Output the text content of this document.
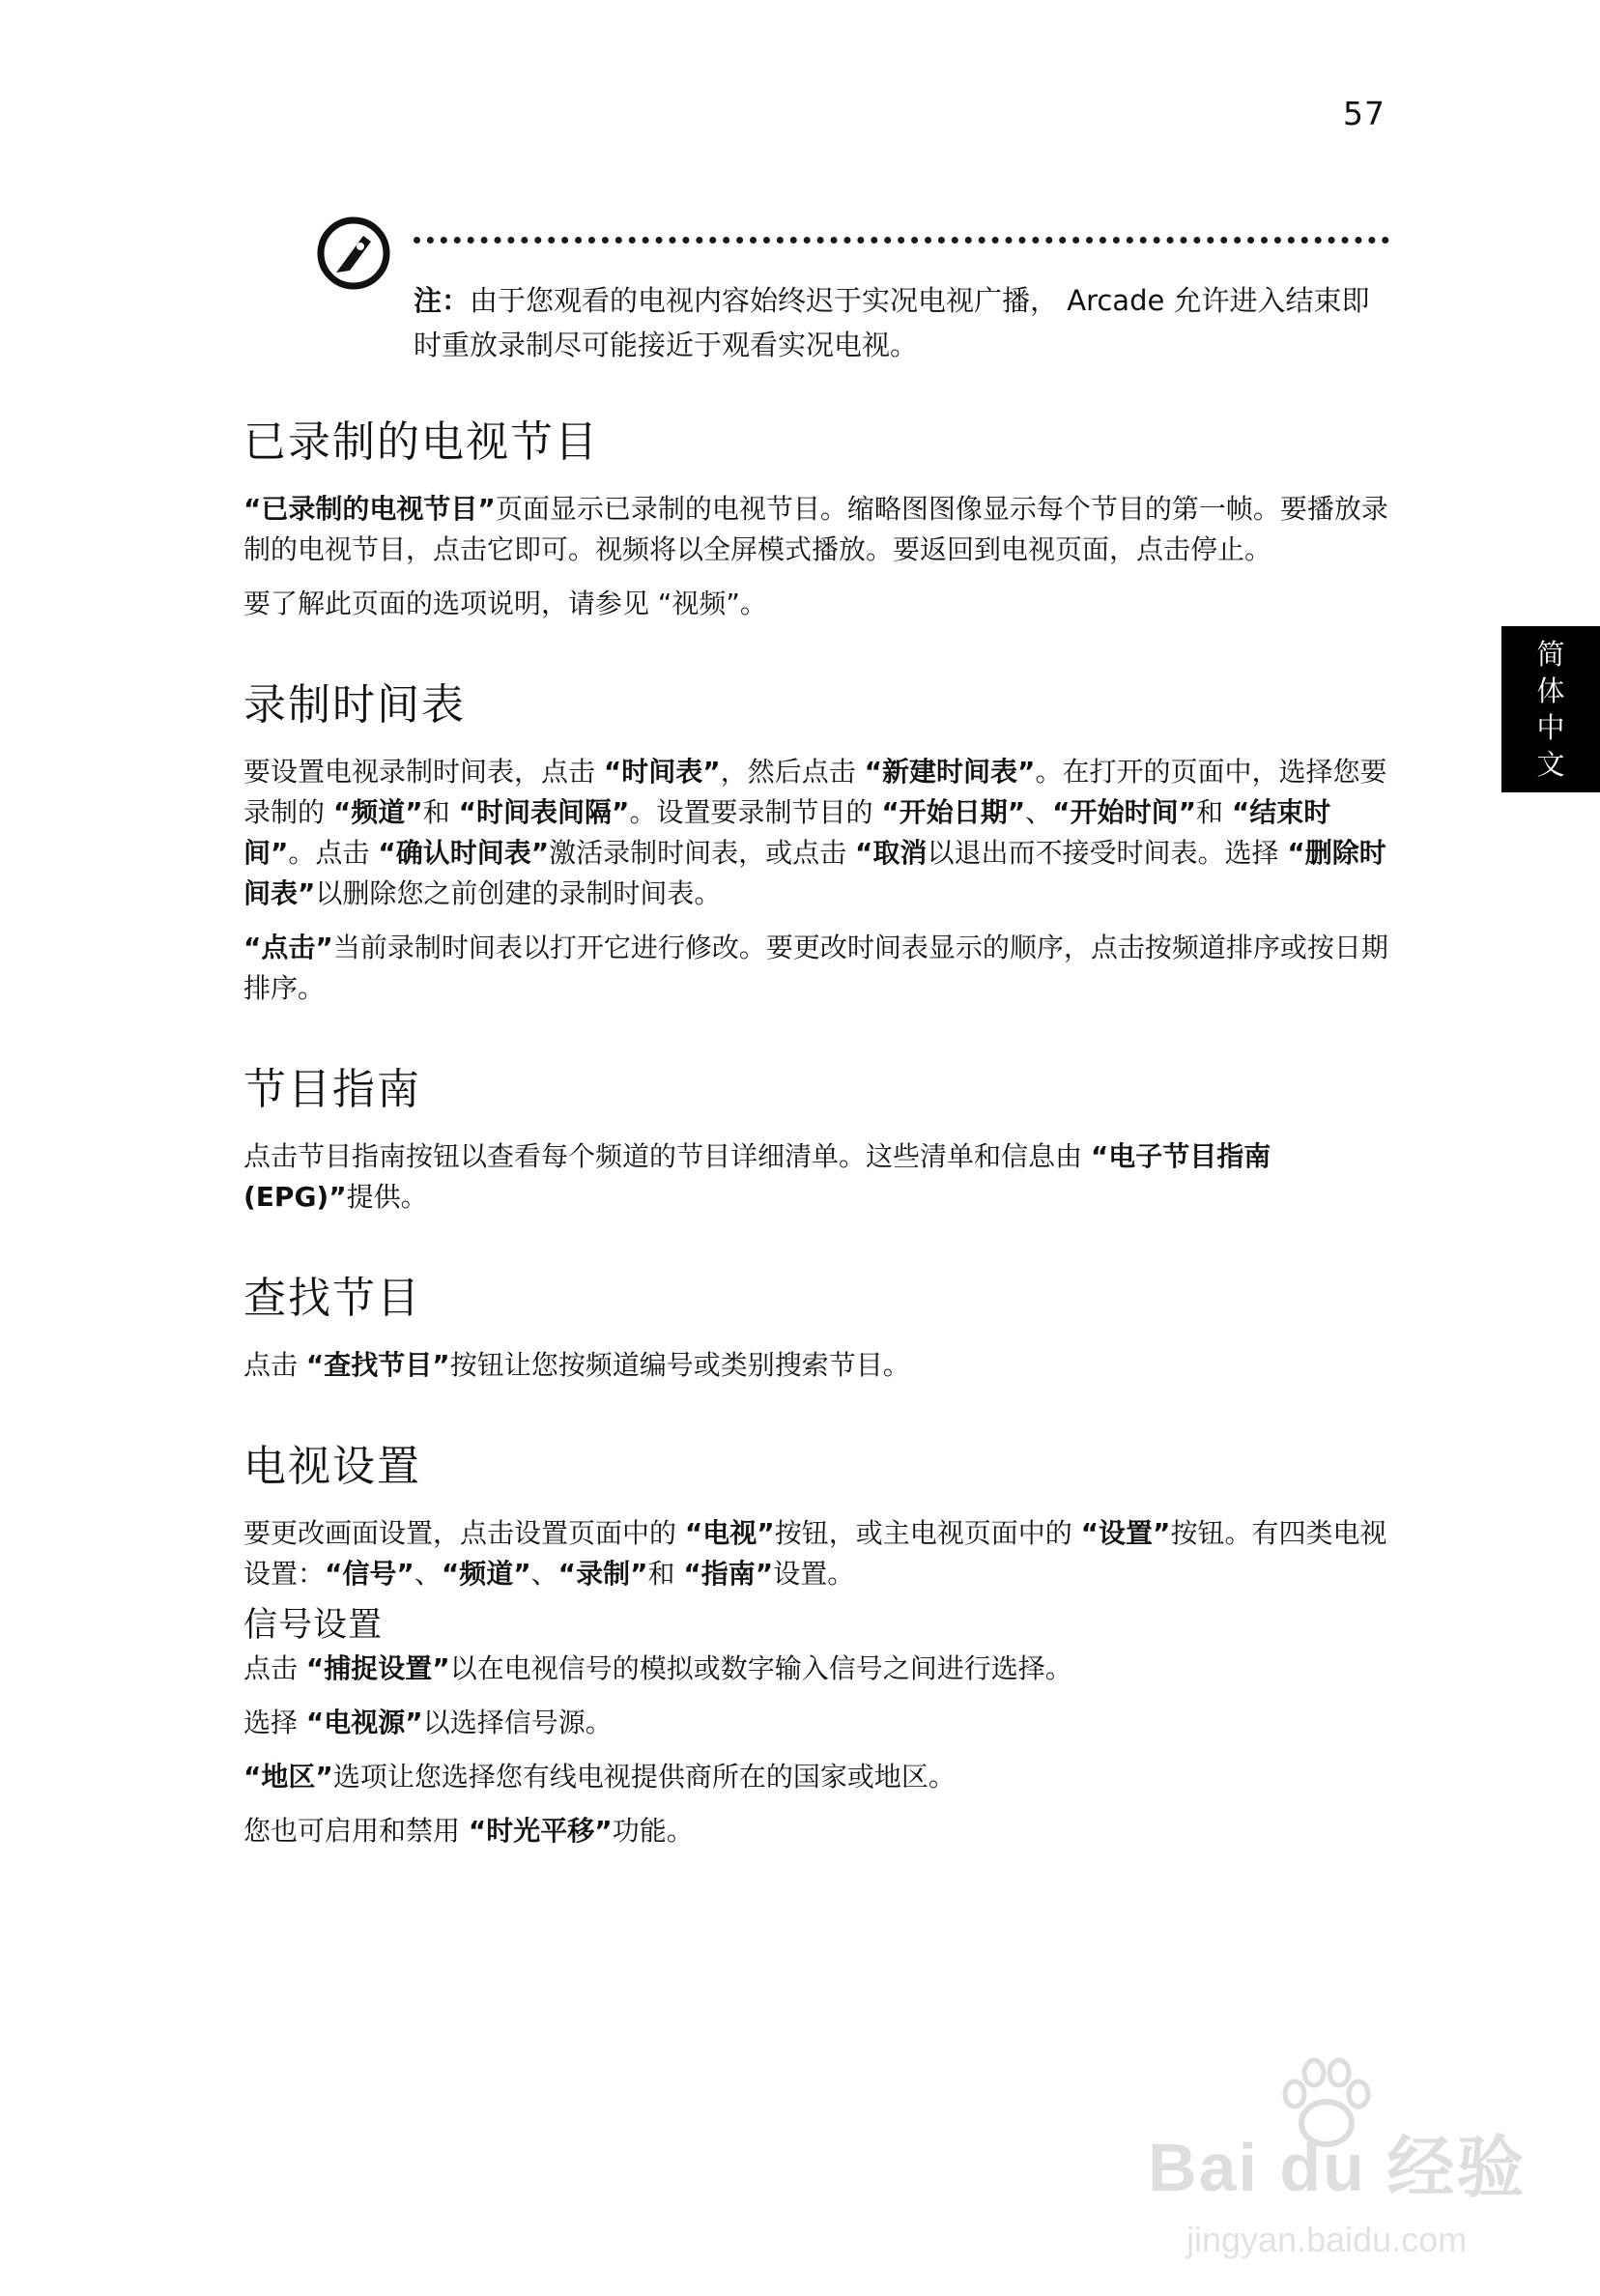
57
注：由于您观看的电视内容始终迟于实况电视广播， Arcade 允许进入结束即时重放录制尽可能接近于观看实况电视。
已录制的电视节目

“已录制的电视节目”页面显示已录制的电视节目。缩略图图像显示每个节目的第一帧。要播放录制的电视节目，点击它即可。视频将以全屏模式播放。要返回到电视页面，点击停止。

要了解此页面的选项说明，请参见 “视频”。

录制时间表

要设置电视录制时间表，点击 “时间表”，然后点击 “新建时间表”。在打开的页面中，选择您要录制的 “频道”和 “时间表间隔”。设置要录制节目的 “开始日期”、“开始时间”和 “结束时间”。点击 “确认时间表”激活录制时间表，或点击 “取消以退出而不接受时间表。选择 “删除时间表”以删除您之前创建的录制时间表。

“点击”当前录制时间表以打开它进行修改。要更改时间表显示的顺序，点击按频道排序或按日期排序。

节目指南

点击节目指南按钮以查看每个频道的节目详细清单。这些清单和信息由 “电子节目指南 (EPG)”提供。

查找节目

点击 “查找节目”按钮让您按频道编号或类别搜索节目。

电视设置

要更改画面设置，点击设置页面中的 “电视”按钮，或主电视页面中的 “设置”按钮。有四类电视设置：“信号”、“频道”、“录制”和 “指南”设置。

信号设置

点击 “捕捉设置”以在电视信号的模拟或数字输入信号之间进行选择。

选择 “电视源”以选择信号源。

“地区”选项让您选择您有线电视提供商所在的国家或地区。

您也可启用和禁用 “时光平移”功能。

简
体
中
文
Bai du 经验
jingyan.baidu.com
